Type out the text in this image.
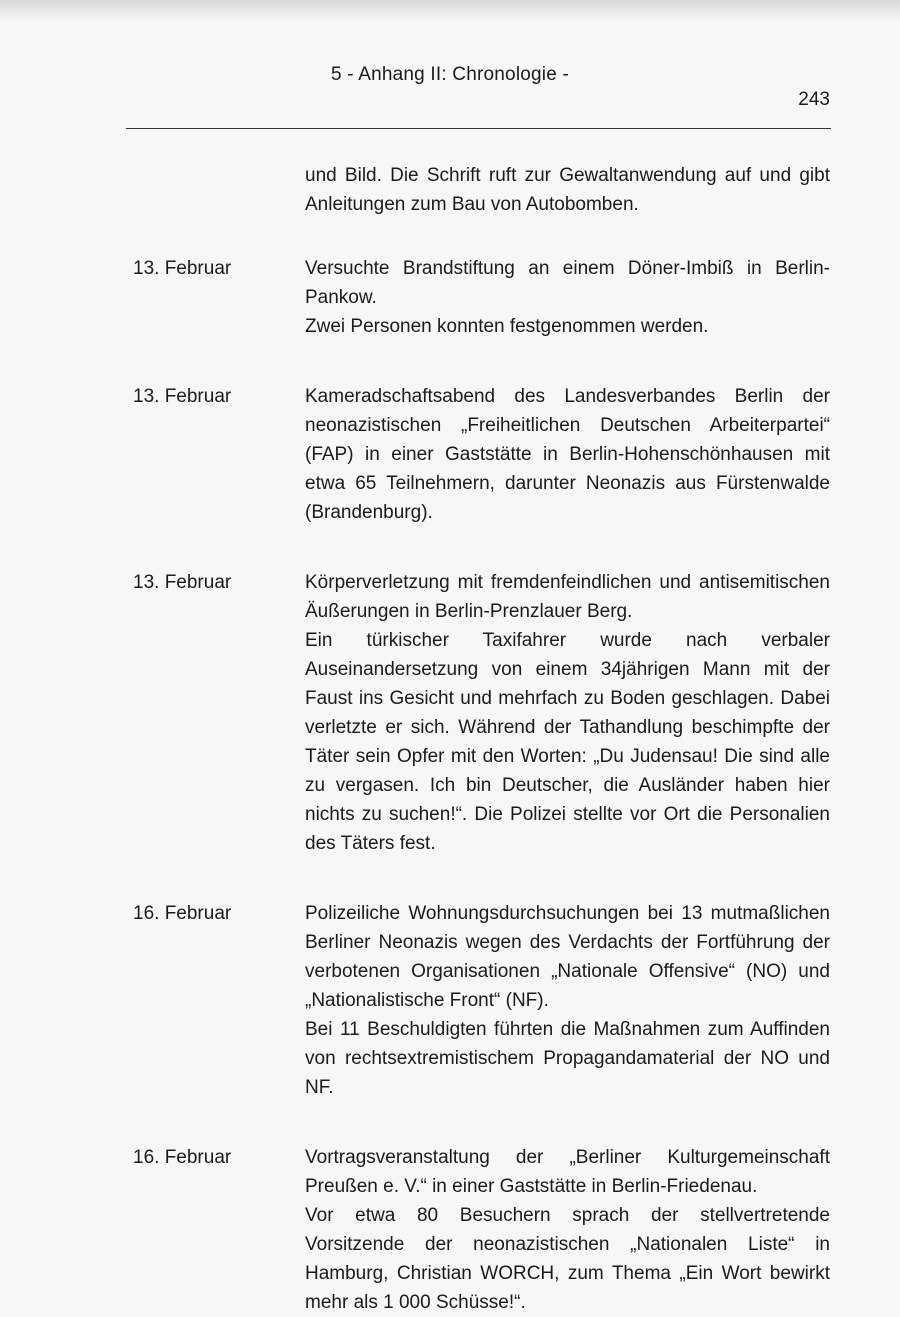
5 - Anhang II: Chronologie -
243

und Bild. Die Schrift ruft zur Gewaltanwendung auf und gibt Anleitungen zum Bau von Autobomben.

13. Februar	Versuchte Brandstiftung an einem Döner-Imbiß in Berlin-Pankow.

Zwei Personen konnten festgenommen werden.

13. Februar	Kameradschaftsabend des Landesverbandes Berlin der neonazistischen „Freiheitlichen Deutschen Arbeiterpartei“ (FAP) in einer Gaststätte in Berlin-Hohenschönhausen mit etwa 65 Teilnehmern, darunter Neonazis aus Fürstenwalde (Brandenburg).

13. Februar	Körperverletzung mit fremdenfeindlichen und antisemitischen Äußerungen in Berlin-Prenzlauer Berg.

Ein türkischer Taxifahrer wurde nach verbaler Auseinandersetzung von einem 34jährigen Mann mit der Faust ins Gesicht und mehrfach zu Boden geschlagen. Dabei verletzte er sich. Während der Tathandlung beschimpfte der Täter sein Opfer mit den Worten: „Du Judensau! Die sind alle zu vergasen. Ich bin Deutscher, die Ausländer haben hier nichts zu suchen!“. Die Polizei stellte vor Ort die Personalien des Täters fest.

16. Februar	Polizeiliche Wohnungsdurchsuchungen bei 13 mutmaßlichen Berliner Neonazis wegen des Verdachts der Fortführung der verbotenen Organisationen „Nationale Offensive“ (NO) und „Nationalistische Front“ (NF).

Bei 11 Beschuldigten führten die Maßnahmen zum Auffinden von rechtsextremistischem Propagandamaterial der NO und NF.

16. Februar	Vortragsveranstaltung der „Berliner Kulturgemeinschaft Preußen e. V.“ in einer Gaststätte in Berlin-Friedenau.

Vor etwa 80 Besuchern sprach der stellvertretende Vorsitzende der neonazistischen „Nationalen Liste“ in Hamburg, Christian WORCH, zum Thema „Ein Wort bewirkt mehr als 1 000 Schüsse!“.
